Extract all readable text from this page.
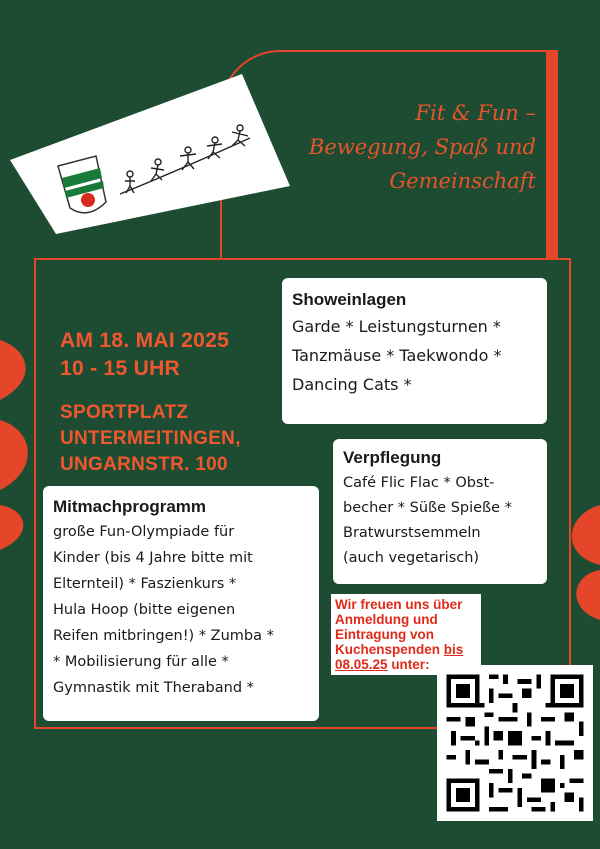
Fit & Fun –
Bewegung, Spaß und
Gemeinschaft
AM 18. MAI 2025
10 - 15 UHR
SPORTPLATZ
UNTERMEITINGEN,
UNGARNSTR. 100
Showeinlagen
Garde * Leistungsturnen *
Tanzmäuse * Taekwondo *
Dancing Cats *
Verpflegung
Café Flic Flac * Obst-
becher * Süße Spieße *
Bratwurstsemmeln
(auch vegetarisch)
Mitmachprogramm
große Fun-Olympiade für
Kinder (bis 4 Jahre bitte mit
Elternteil) * Faszienkurs *
Hula Hoop (bitte eigenen
Reifen mitbringen!) * Zumba *
* Mobilisierung für alle *
Gymnastik mit Theraband *
Wir freuen uns über
Anmeldung und
Eintragung von
Kuchenspenden bis
08.05.25 unter:
